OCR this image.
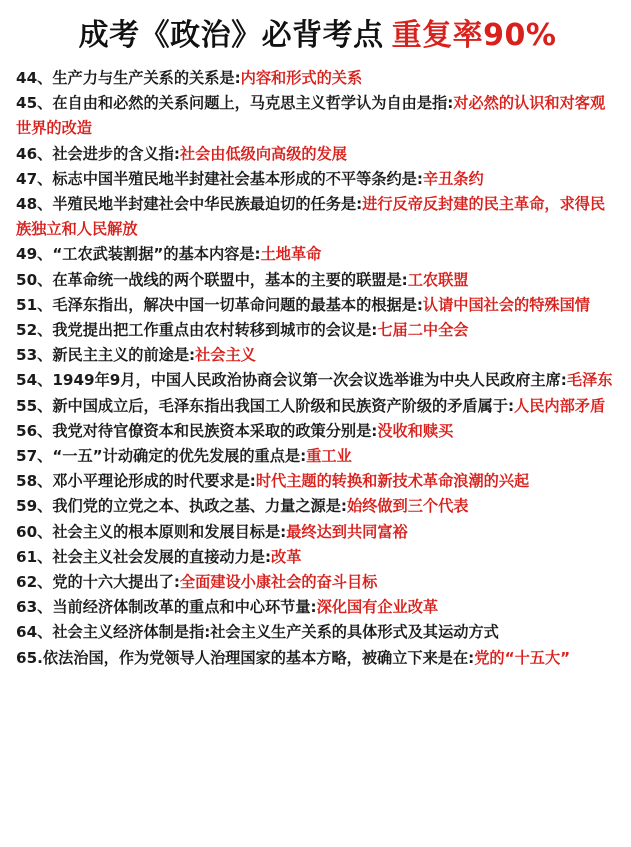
成考《政治》必背考点 重复率90%
44、生产力与生产关系的关系是:内容和形式的关系
45、在自由和必然的关系问题上，马克思主义哲学认为自由是指:对必然的认识和对客观世界的改造
46、社会进步的含义指:社会由低级向高级的发展
47、标志中国半殖民地半封建社会基本形成的不平等条约是:辛丑条约
48、半殖民地半封建社会中华民族最迫切的任务是:进行反帝反封建的民主革命，求得民族独立和人民解放
49、“工农武装割据”的基本内容是:土地革命
50、在革命统一战线的两个联盟中，基本的主要的联盟是:工农联盟
51、毛泽东指出，解决中国一切革命问题的最基本的根据是:认请中国社会的特殊国情
52、我党提出把工作重点由农村转移到城市的会议是:七届二中全会
53、新民主主义的前途是:社会主义
54、1949年9月，中国人民政治协商会议第一次会议选举谁为中央人民政府主席:毛泽东
55、新中国成立后，毛泽东指出我国工人阶级和民族资产阶级的矛盾属于:人民内部矛盾
56、我党对待官僚资本和民族资本采取的政策分别是:没收和赎买
57、“一五”计动确定的优先发展的重点是:重工业
58、邓小平理论形成的时代要求是:时代主题的转换和新技术革命浪潮的兴起
59、我们党的立党之本、执政之基、力量之源是:始终做到三个代表
60、社会主义的根本原则和发展目标是:最终达到共同富裕
61、社会主义社会发展的直接动力是:改革
62、党的十六大提出了:全面建设小康社会的奋斗目标
63、当前经济体制改革的重点和中心环节量:深化国有企业改革
64、社会主义经济体制是指:社会主义生产关系的具体形式及其运动方式
65.依法治国，作为党领导人治理国家的基本方略，被确立下来是在:党的“十五大”
